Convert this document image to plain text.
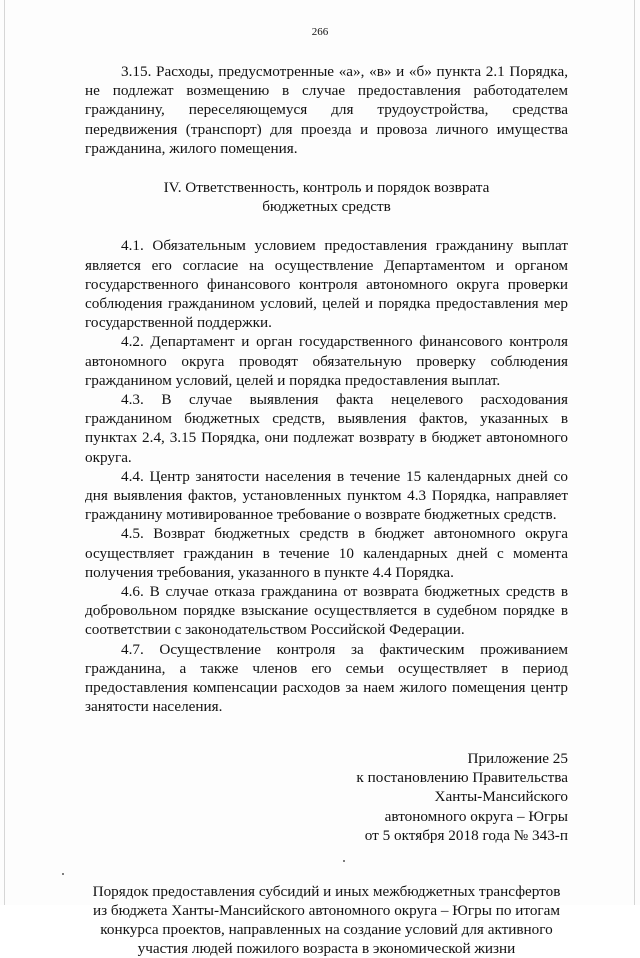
266

3.15. Расходы, предусмотренные «а», «в» и «б» пункта 2.1 Порядка, не подлежат возмещению в случае предоставления работодателем гражданину, переселяющемуся для трудоустройства, средства передвижения (транспорт) для проезда и провоза личного имущества гражданина, жилого помещения.

IV. Ответственность, контроль и порядок возврата
бюджетных средств

4.1. Обязательным условием предоставления гражданину выплат является его согласие на осуществление Департаментом и органом государственного финансового контроля автономного округа проверки соблюдения гражданином условий, целей и порядка предоставления мер государственной поддержки.

4.2. Департамент и орган государственного финансового контроля автономного округа проводят обязательную проверку соблюдения гражданином условий, целей и порядка предоставления выплат.

4.3. В случае выявления факта нецелевого расходования гражданином бюджетных средств, выявления фактов, указанных в пунктах 2.4, 3.15 Порядка, они подлежат возврату в бюджет автономного округа.

4.4. Центр занятости населения в течение 15 календарных дней со дня выявления фактов, установленных пунктом 4.3 Порядка, направляет гражданину мотивированное требование о возврате бюджетных средств.

4.5. Возврат бюджетных средств в бюджет автономного округа осуществляет гражданин в течение 10 календарных дней с момента получения требования, указанного в пункте 4.4 Порядка.

4.6. В случае отказа гражданина от возврата бюджетных средств в добровольном порядке взыскание осуществляется в судебном порядке в соответствии с законодательством Российской Федерации.

4.7. Осуществление контроля за фактическим проживанием гражданина, а также членов его семьи осуществляет в период предоставления компенсации расходов за наем жилого помещения центр занятости населения.

Приложение 25
к постановлению Правительства
Ханты-Мансийского
автономного округа – Югры
от 5 октября 2018 года № 343-п
Порядок предоставления субсидий и иных межбюджетных трансфертов
из бюджета Ханты-Мансийского автономного округа – Югры по итогам
конкурса проектов, направленных на создание условий для активного
участия людей пожилого возраста в экономической жизни
